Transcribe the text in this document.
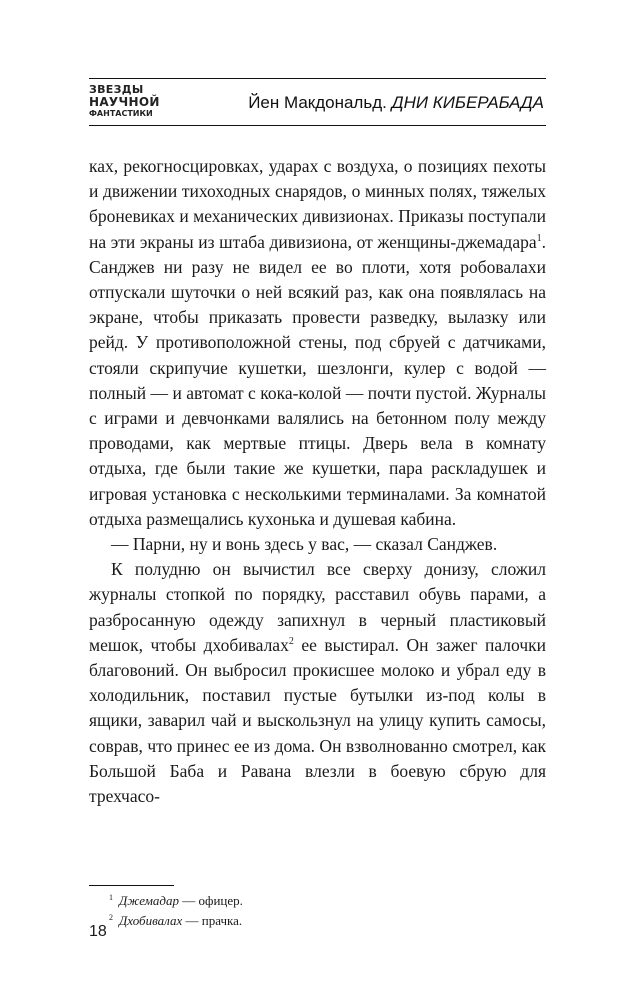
ЗВЕЗДЫ
НАУЧНОЙ
ФАНТАСТИКИ
Йен Макдональд. ДНИ КИБЕРАБАДА

ках, рекогносцировках, ударах с воздуха, о позициях пехоты и движении тихоходных снарядов, о минных полях, тяжелых броневиках и механических дивизионах. Приказы поступали на эти экраны из штаба дивизиона, от женщины-джемадара$^1$. Санджев ни разу не видел ее во плоти, хотя робовалахи отпускали шуточки о ней всякий раз, как она появлялась на экране, чтобы приказать провести разведку, вылазку или рейд. У противоположной стены, под сбруей с датчиками, стояли скрипучие кушетки, шезлонги, кулер с водой — полный — и автомат с кока-колой — почти пустой. Журналы с играми и девчонками валялись на бетонном полу между проводами, как мертвые птицы. Дверь вела в комнату отдыха, где были такие же кушетки, пара раскладушек и игровая установка с несколькими терминалами. За комнатой отдыха размещались кухонька и душевая кабина.

— Парни, ну и вонь здесь у вас, — сказал Санджев.

К полудню он вычистил все сверху донизу, сложил журналы стопкой по порядку, расставил обувь парами, а разбросанную одежду запихнул в черный пластиковый мешок, чтобы дхобивалах$^2$ ее выстирал. Он зажег палочки благовоний. Он выбросил прокисшее молоко и убрал еду в холодильник, поставил пустые бутылки из-под колы в ящики, заварил чай и выскользнул на улицу купить самосы, соврав, что принес ее из дома. Он взволнованно смотрел, как Большой Баба и Равана влезли в боевую сбрую для трехчасо-

$^1$ Джемадар — офицер.
$^2$ Дхобивалах — прачка.
18
